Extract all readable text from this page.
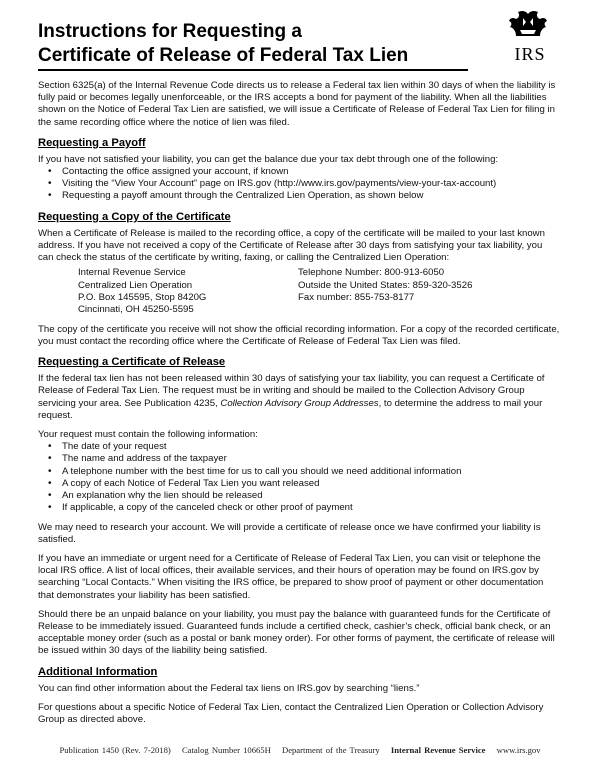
Instructions for Requesting a
Certificate of Release of Federal Tax Lien	IRS

Section 6325(a) of the Internal Revenue Code directs us to release a Federal tax lien within 30 days of when the liability is fully paid or becomes legally unenforceable, or the IRS accepts a bond for payment of the liability. When all the liabilities shown on the Notice of Federal Tax Lien are satisfied, we will issue a Certificate of Release of Federal Tax Lien for filing in the same recording office where the notice of lien was filed.

Requesting a Payoff

If you have not satisfied your liability, you can get the balance due your tax debt through one of the following:

• Contacting the office assigned your account, if known
• Visiting the “View Your Account” page on IRS.gov (http://www.irs.gov/payments/view-your-tax-account)
• Requesting a payoff amount through the Centralized Lien Operation, as shown below
Requesting a Copy of the Certificate

When a Certificate of Release is mailed to the recording office, a copy of the certificate will be mailed to your last known address. If you have not received a copy of the Certificate of Release after 30 days from satisfying your tax liability, you can check the status of the certificate by writing, faxing, or calling the Centralized Lien Operation:

Internal Revenue Service
Centralized Lien Operation
P.O. Box 145595, Stop 8420G
Cincinnati, OH 45250-5595
Telephone Number: 800-913-6050
Outside the United States: 859-320-3526
Fax number: 855-753-8177

The copy of the certificate you receive will not show the official recording information. For a copy of the recorded certificate, you must contact the recording office where the Certificate of Release of Federal Tax Lien was filed.

Requesting a Certificate of Release

If the federal tax lien has not been released within 30 days of satisfying your tax liability, you can request a Certificate of Release of Federal Tax Lien. The request must be in writing and should be mailed to the Collection Advisory Group servicing your area. See Publication 4235, Collection Advisory Group Addresses, to determine the address to mail your request.

Your request must contain the following information:

• The date of your request
• The name and address of the taxpayer
• A telephone number with the best time for us to call you should we need additional information
• A copy of each Notice of Federal Tax Lien you want released
• An explanation why the lien should be released
• If applicable, a copy of the canceled check or other proof of payment

We may need to research your account. We will provide a certificate of release once we have confirmed your liability is satisfied.

If you have an immediate or urgent need for a Certificate of Release of Federal Tax Lien, you can visit or telephone the local IRS office. A list of local offices, their available services, and their hours of operation may be found on IRS.gov by searching “Local Contacts.” When visiting the IRS office, be prepared to show proof of payment or other documentation that demonstrates your liability has been satisfied.

Should there be an unpaid balance on your liability, you must pay the balance with guaranteed funds for the Certificate of Release to be immediately issued. Guaranteed funds include a certified check, cashier’s check, official bank check, or an acceptable money order (such as a postal or bank money order). For other forms of payment, the certificate of release will be issued within 30 days of the liability being satisfied.

Additional Information

You can find other information about the Federal tax liens on IRS.gov by searching “liens.”

For questions about a specific Notice of Federal Tax Lien, contact the Centralized Lien Operation or Collection Advisory Group as directed above.

Publication 1450 (Rev. 7-2018) Catalog Number 10665H Department of the Treasury Internal Revenue Service www.irs.gov
